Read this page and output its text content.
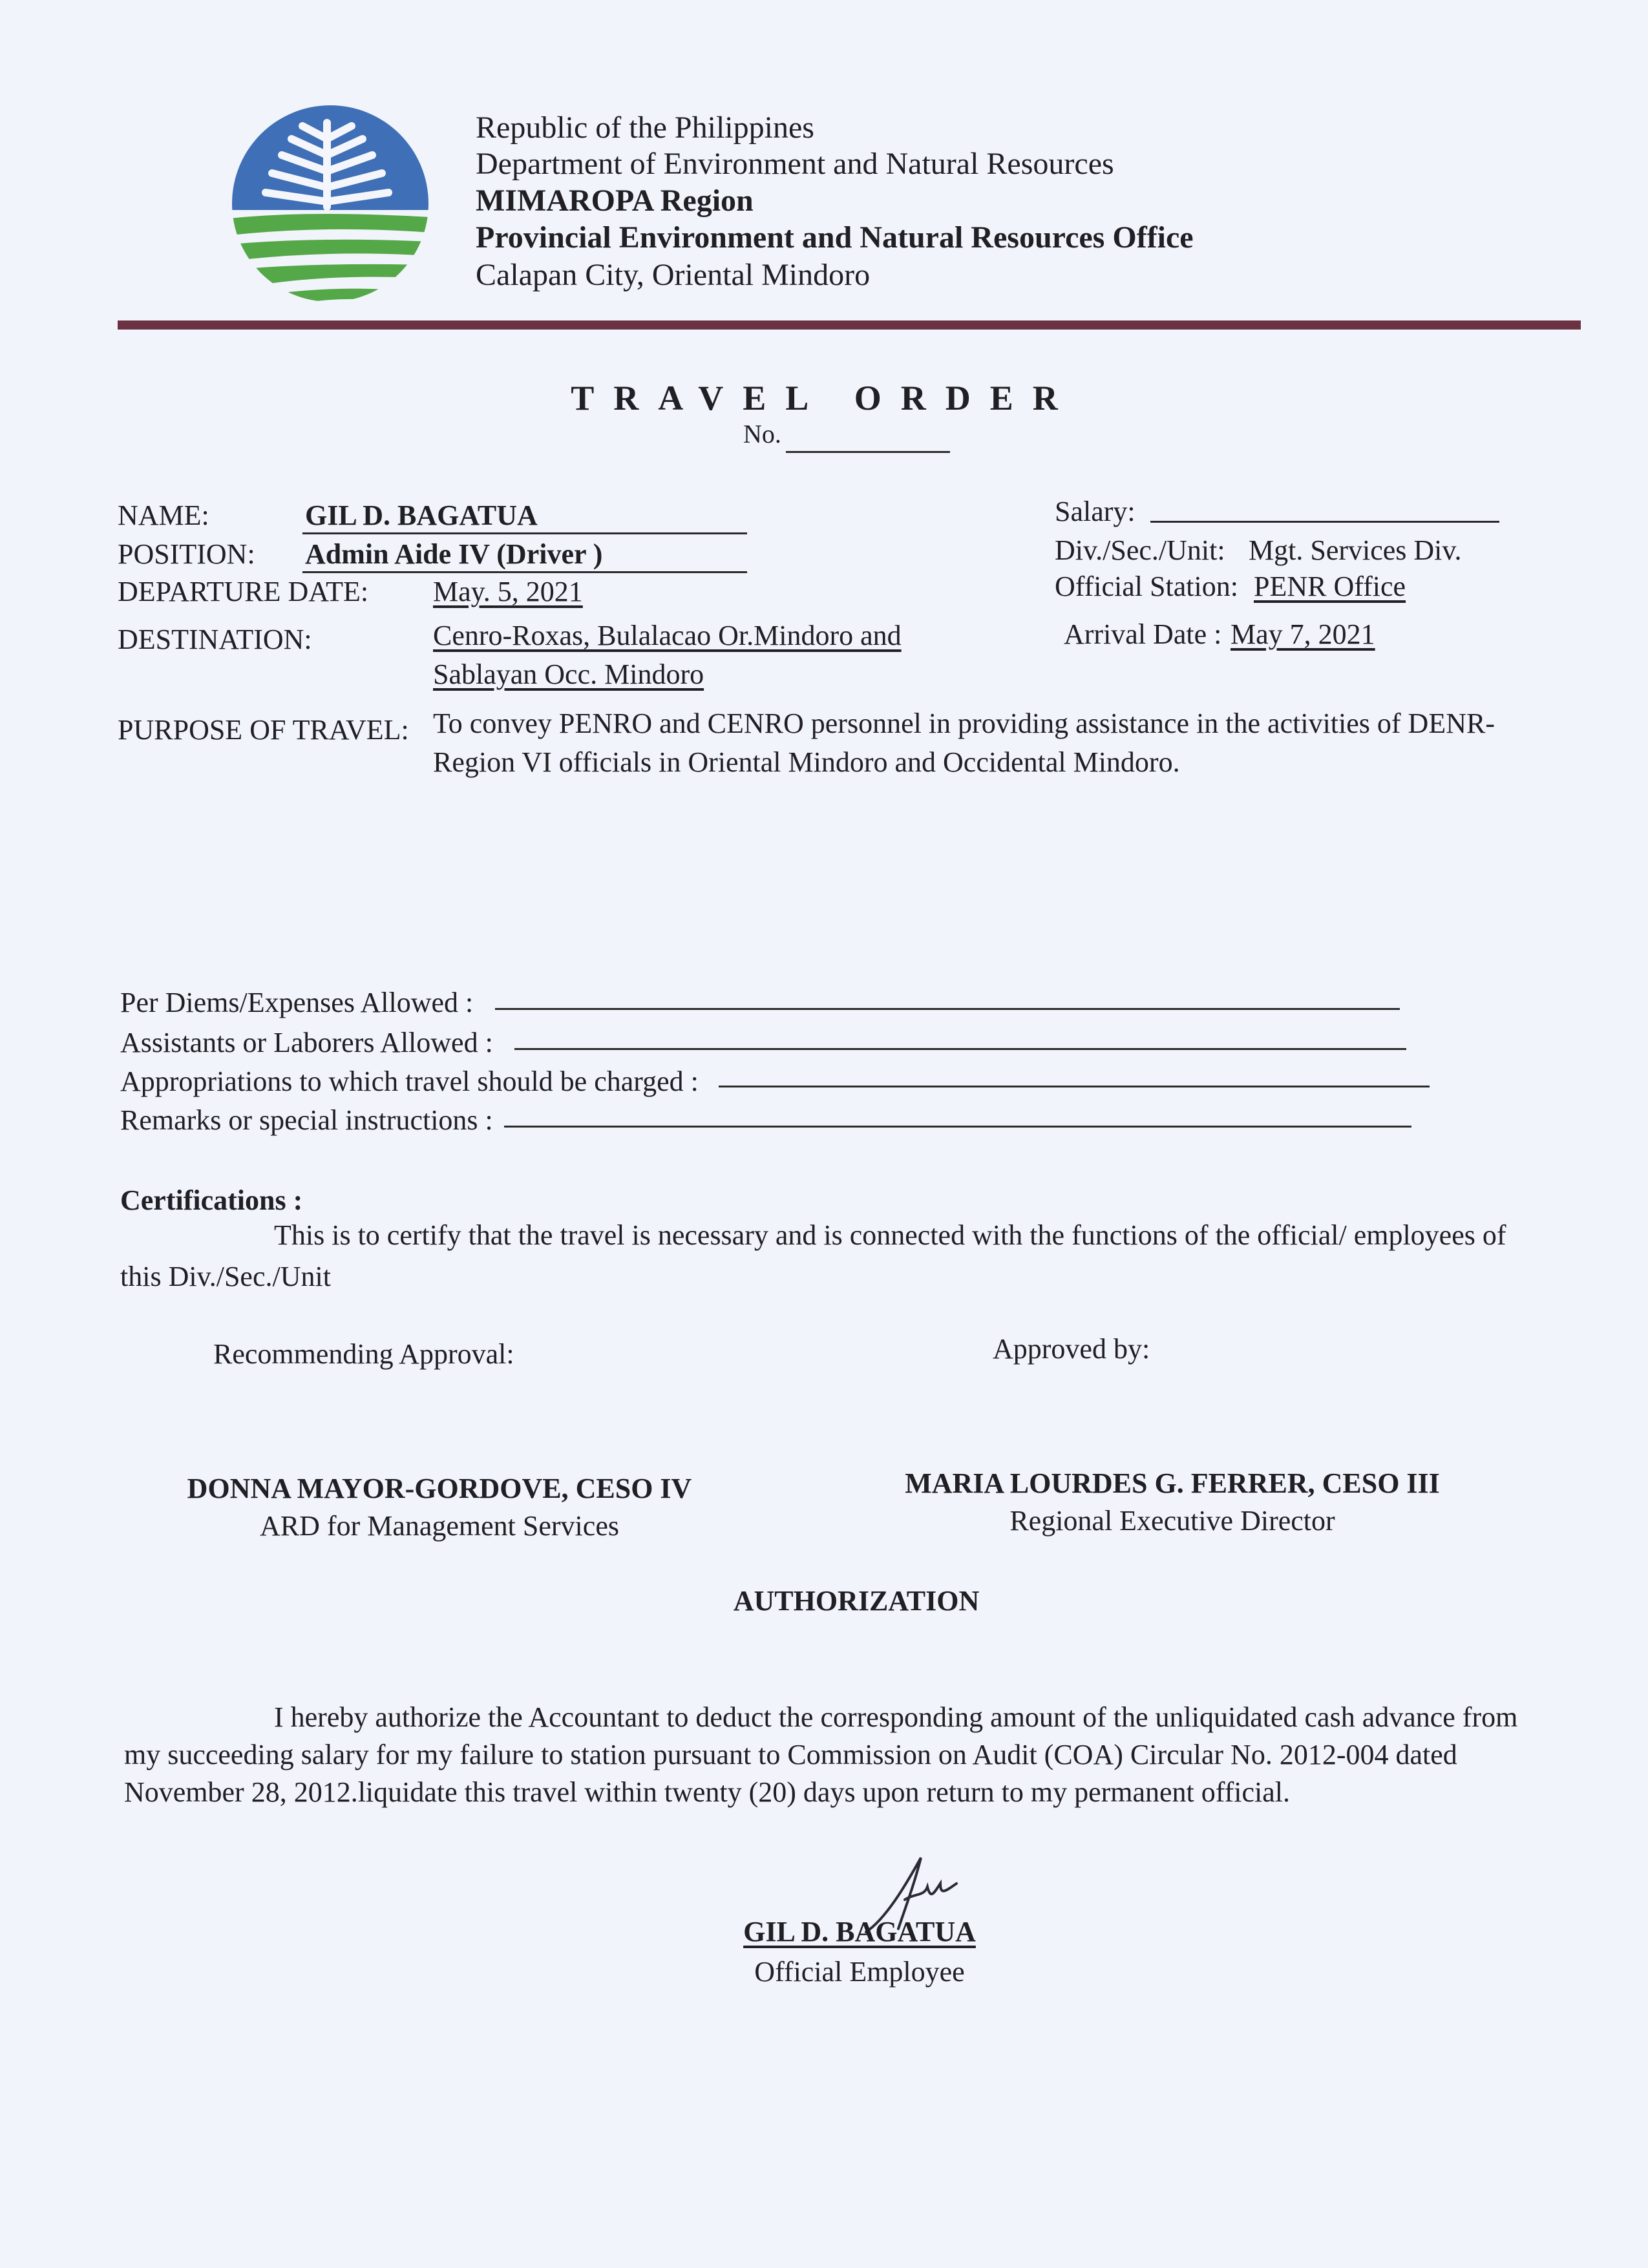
Republic of the Philippines
Department of Environment and Natural Resources
MIMAROPA Region
Provincial Environment and Natural Resources Office
Calapan City, Oriental Mindoro
TRAVEL ORDER
No.
NAME:	GIL D. BAGATUA
POSITION: Admin Aide IV (Driver )
DEPARTURE DATE: May. 5, 2021
DESTINATION:	Cenro-Roxas, Bulalacao Or.Mindoro and
Sablayan Occ. Mindoro
Salary:
Div./Sec./Unit: Mgt. Services Div.
Official Station: PENR Office
Arrival Date : May 7, 2021
PURPOSE OF TRAVEL: To convey PENRO and CENRO personnel in providing assistance in the activities of DENR-
Region VI officials in Oriental Mindoro and Occidental Mindoro.
Per Diems/Expenses Allowed :
Assistants or Laborers Allowed :
Appropriations to which travel should be charged :
Remarks or special instructions :
Certifications :
This is to certify that the travel is necessary and is connected with the functions of the official/ employees of
this Div./Sec./Unit
Recommending Approval:	Approved by:
DONNA MAYOR-GORDOVE, CESO IV
ARD for Management Services
MARIA LOURDES G. FERRER, CESO III
Regional Executive Director
AUTHORIZATION
I hereby authorize the Accountant to deduct the corresponding amount of the unliquidated cash advance from
my succeeding salary for my failure to station pursuant to Commission on Audit (COA) Circular No. 2012-004 dated
November 28, 2012.liquidate this travel within twenty (20) days upon return to my permanent official.
GIL D. BAGATUA
Official Employee
